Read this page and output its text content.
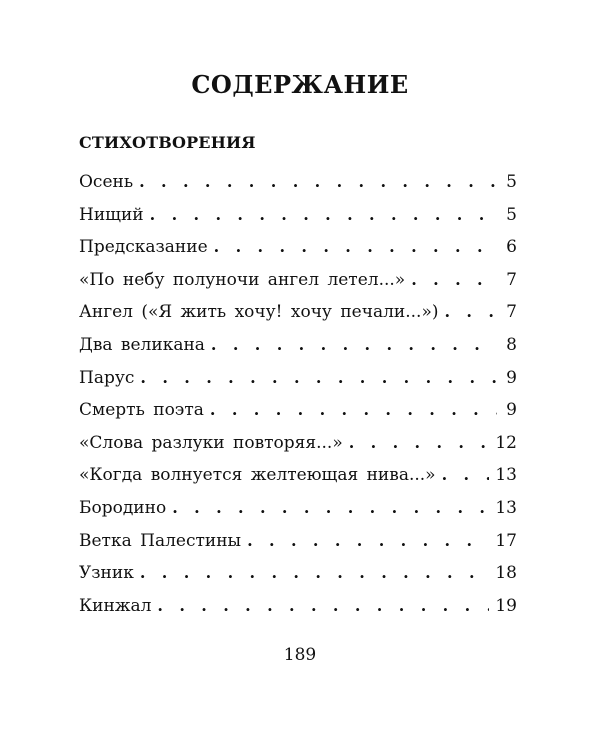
СОДЕРЖАНИЕ
СТИХОТВОРЕНИЯ
Осень . . .	5
Нищий . . .	5
Предсказание . . .	6
«По небу полуночи ангел летел...» . . .	7
Ангел («Я жить хочу! хочу печали...») . . .	7
Два великана . . .	8
Парус . . .	9
Смерть поэта . . .	9
«Слова разлуки повторяя...» . . .	12
«Когда волнуется желтеющая нива...» . . .	13
Бородино . . .	13
Ветка Палестины . . .	17
Узник . . .	18
Кинжал . . .	19
189
